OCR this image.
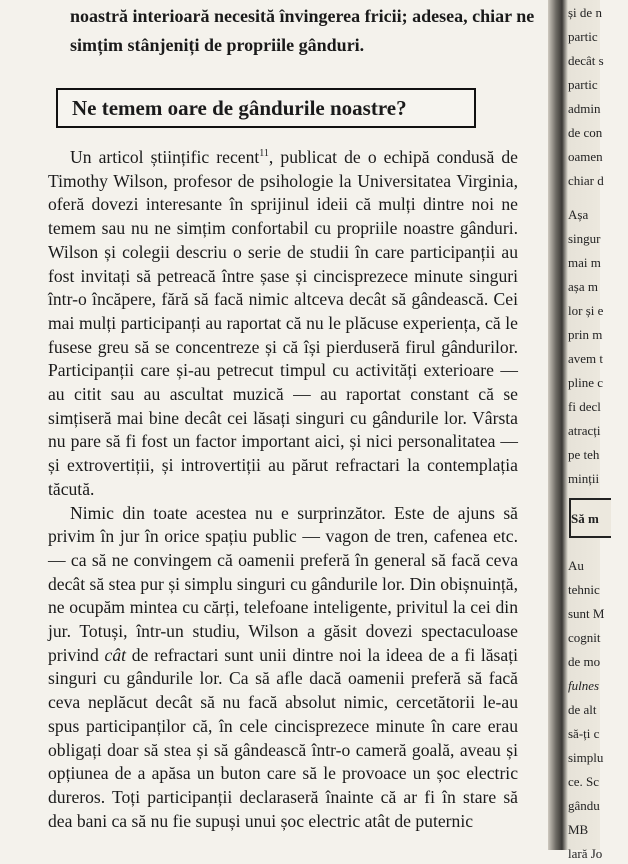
noastră interioară necesită învingerea fricii; adesea, chiar ne simțim stânjeniți de propriile gânduri.

Ne temem oare de gândurile noastre?

Un articol științific recent$^{11}$, publicat de o echipă condusă de Timothy Wilson, profesor de psihologie la Universitatea Virginia, oferă dovezi interesante în sprijinul ideii că mulți dintre noi ne temem sau nu ne simțim confortabil cu propriile noastre gânduri. Wilson și colegii descriu o serie de studii în care participanții au fost invitați să petreacă între șase și cincisprezece minute singuri într-o încăpere, fără să facă nimic altceva decât să gândească. Cei mai mulți participanți au raportat că nu le plăcuse experiența, că le fusese greu să se concentreze și că își pierduseră firul gândurilor. Participanții care și-au petrecut timpul cu activități exterioare — au citit sau au ascultat muzică — au raportat constant că se simțiseră mai bine decât cei lăsați singuri cu gândurile lor. Vârsta nu pare să fi fost un factor important aici, și nici personalitatea — și extrovertiții, și introvertiții au părut refractari la contemplația tăcută.

Nimic din toate acestea nu e surprinzător. Este de ajuns să privim în jur în orice spațiu public — vagon de tren, cafenea etc. — ca să ne convingem că oamenii preferă în general să facă ceva decât să stea pur și simplu singuri cu gândurile lor. Din obișnuință, ne ocupăm mintea cu cărți, telefoane inteligente, privitul la cei din jur. Totuși, într-un studiu, Wilson a găsit dovezi spectaculoase privind cât de refractari sunt unii dintre noi la ideea de a fi lăsați singuri cu gândurile lor. Ca să afle dacă oamenii preferă să facă ceva neplăcut decât să nu facă absolut nimic, cercetătorii le-au spus participanților că, în cele cincisprezece minute în care erau obligați doar să stea și să gândească într-o cameră goală, aveau și opțiunea de a apăsa un buton care să le provoace un șoc electric dureros. Toți participanții declaraseră înainte că ar fi în stare să dea bani ca să nu fie supuși unui șoc electric atât de puternic

și de n
partic
decât s
partic
admin
de con
oamen
chiar d
Așa
singur
mai m
așa m
lor și e
prin m
avem t
pline c
fi decl
atracți
pe teh
minții
Să m
Au
tehnic
sunt M
cognit
de mo
fulnes
de alt
să-ți c
simplu
ce. Sc
gându
MB
lară Jo
